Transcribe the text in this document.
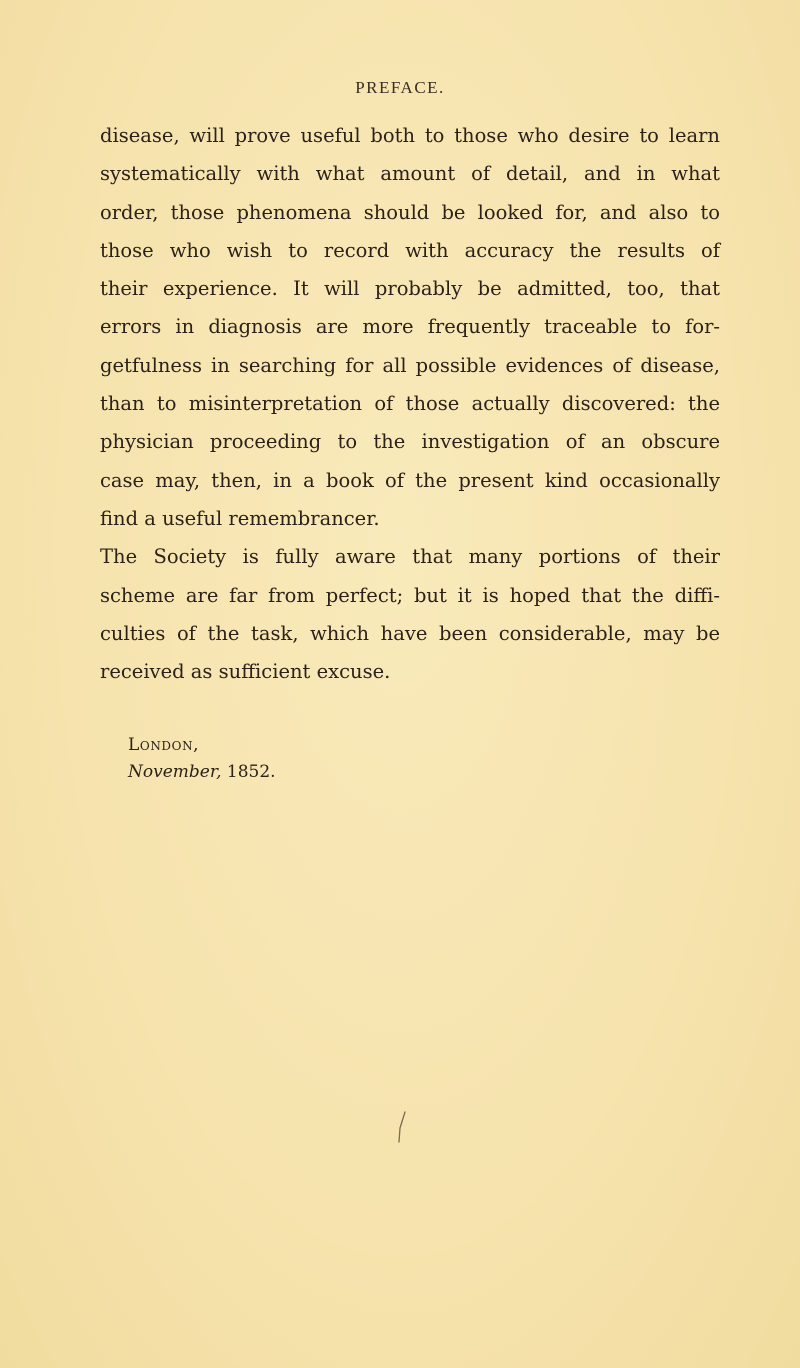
PREFACE.
disease, will prove useful both to those who desire to learn
systematically with what amount of detail, and in what
order, those phenomena should be looked for, and also to
those who wish to record with accuracy the results of
their experience. It will probably be admitted, too, that
errors in diagnosis are more frequently traceable to for-
getfulness in searching for all possible evidences of disease,
than to misinterpretation of those actually discovered: the
physician proceeding to the investigation of an obscure
case may, then, in a book of the present kind occasionally
find a useful remembrancer.
The Society is fully aware that many portions of their
scheme are far from perfect; but it is hoped that the diffi-
culties of the task, which have been considerable, may be
received as sufficient excuse.
London,
November, 1852.
